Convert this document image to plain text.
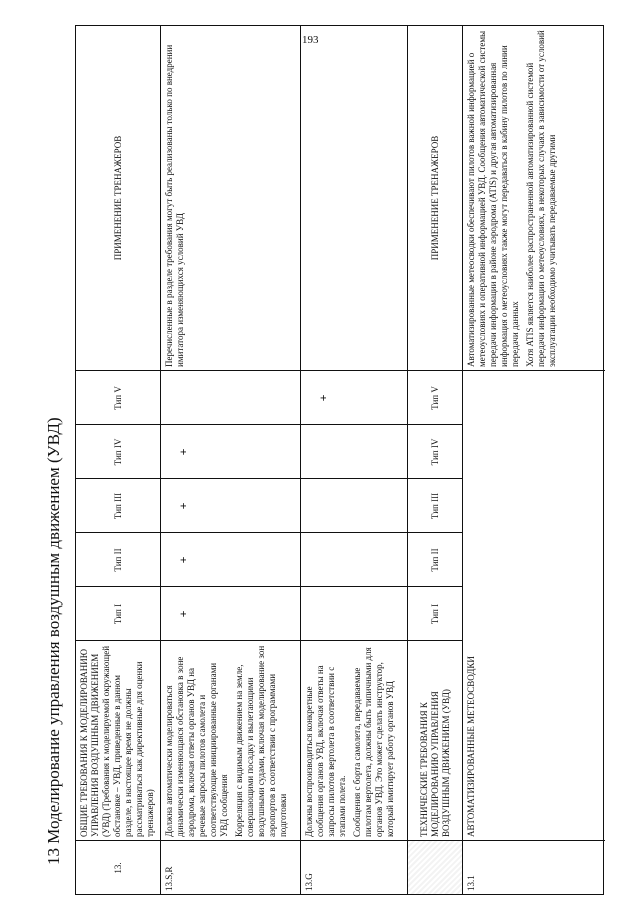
193
13 Моделирование управления воздушным движением (УВД)
13.
ОБЩИЕ ТРЕБОВАНИЯ К МОДЕЛИРОВАНИЮ УПРАВЛЕНИЯ ВОЗДУШНЫМ ДВИЖЕНИЕМ (УВД) (Требования к моделируемой окружающей обстановке – УВД, приведенные в данном разделе, в настоящее время не должны рассматриваться как директивные для оценки тренажеров)
Тип I
Тип II
Тип III
Тип IV
Тип V
ПРИМЕНЕНИЕ ТРЕНАЖЕРОВ
13.S,R

Должна автоматически моделироваться динамически изменяющаяся обстановка в зоне аэродрома, включая ответы органов УВД на речевые запросы пилотов самолета и соответствующие инициированные органами УВД сообщения Корреляция с видимым движением на земле, совершающими посадку и вылетающими воздушными судами, включая моделирование зон аэропортов в соответствии с программами подготовки

+
+
+
+
Перечисленные в разделе требования могут быть реализованы только по внедрении имитатора изменяющихся условий УВД
13.G

Должны воспроизводиться конкретные сообщения органов УВД, включая ответы на запросы пилотов вертолета в соответствии с этапами полета. Сообщения с борта самолета, передаваемые пилотам вертолета, должны быть типичными для органов УВД. Это может сделать инструктор, который имитирует работу органов УВД

+
ТЕХНИЧЕСКИЕ ТРЕБОВАНИЯ К МОДЕЛИРОВАНИЮ УПРАВЛЕНИЯ ВОЗДУШНЫМ ДВИЖЕНИЕМ (УВД)
Тип I
Тип II
Тип III
Тип IV
Тип V
ПРИМЕНЕНИЕ ТРЕНАЖЕРОВ
13.1
АВТОМАТИЗИРОВАННЫЕ МЕТЕОСВОДКИ

Автоматизированные метеосводки обеспечивают пилотов важной информацией о метеоусловиях и оперативной информацией УВД. Сообщения автоматической системы передачи информации в районе аэродрома (ATIS) и другая автоматизированная информация о метеоусловиях также могут передаваться в кабину пилотов по линии передачи данных Хотя ATIS является наиболее распространенной автоматизированной системой передачи информации о метеоусловиях, в некоторых случаях в зависимости от условий эксплуатации необходимо учитывать передаваемые другими
